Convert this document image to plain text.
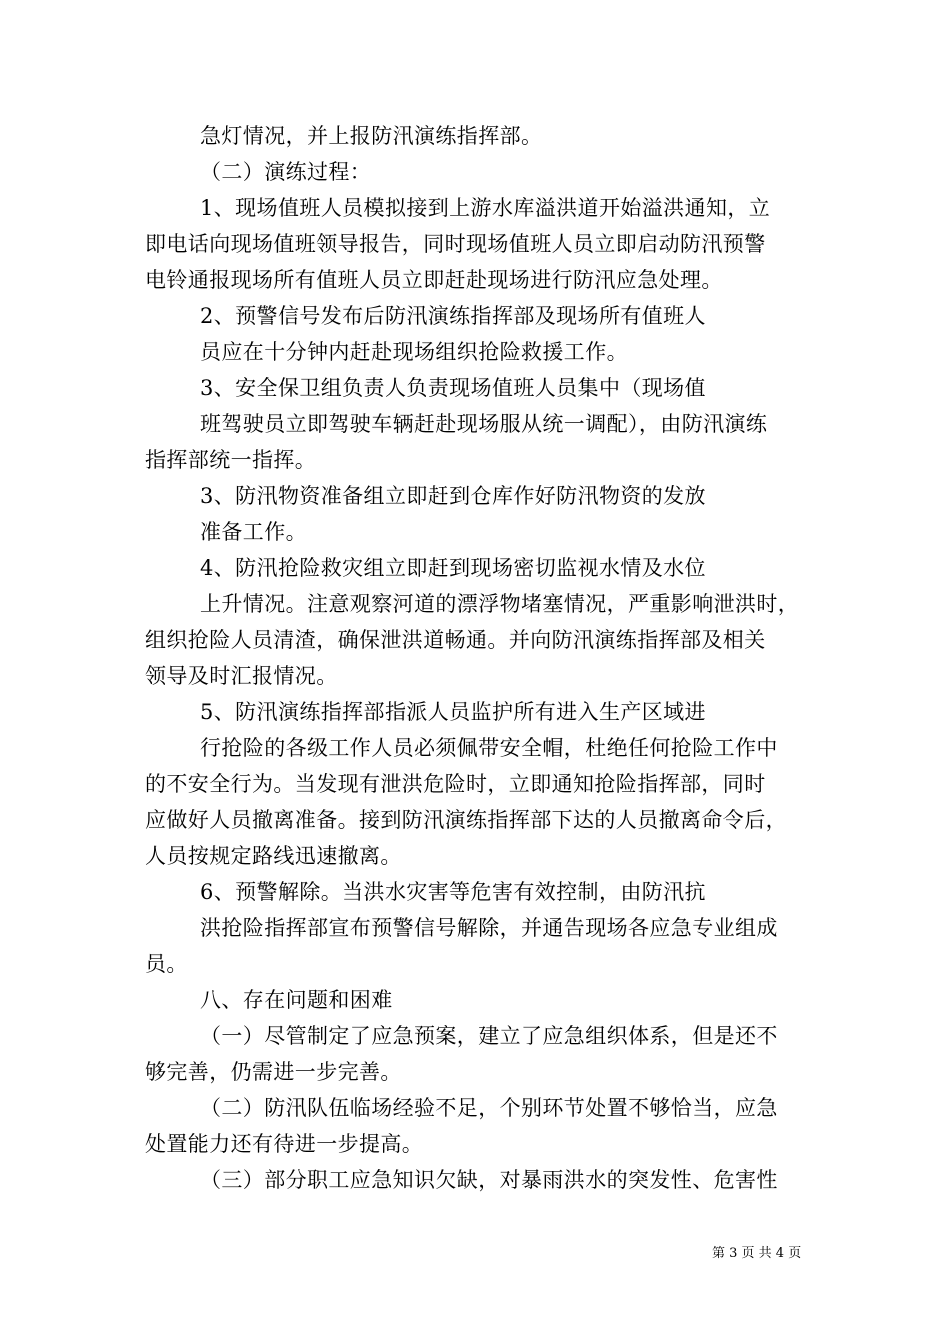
急灯情况，并上报防汛演练指挥部。
（二）演练过程：
1、现场值班人员模拟接到上游水库溢洪道开始溢洪通知，立
即电话向现场值班领导报告，同时现场值班人员立即启动防汛预警
电铃通报现场所有值班人员立即赶赴现场进行防汛应急处理。
2、预警信号发布后防汛演练指挥部及现场所有值班人
员应在十分钟内赶赴现场组织抢险救援工作。
3、安全保卫组负责人负责现场值班人员集中（现场值
班驾驶员立即驾驶车辆赶赴现场服从统一调配），由防汛演练
指挥部统一指挥。
3、防汛物资准备组立即赶到仓库作好防汛物资的发放
准备工作。
4、防汛抢险救灾组立即赶到现场密切监视水情及水位
上升情况。注意观察河道的漂浮物堵塞情况，严重影响泄洪时，
组织抢险人员清渣，确保泄洪道畅通。并向防汛演练指挥部及相关
领导及时汇报情况。
5、防汛演练指挥部指派人员监护所有进入生产区域进
行抢险的各级工作人员必须佩带安全帽，杜绝任何抢险工作中
的不安全行为。当发现有泄洪危险时，立即通知抢险指挥部，同时
应做好人员撤离准备。接到防汛演练指挥部下达的人员撤离命令后，
人员按规定路线迅速撤离。
6、预警解除。当洪水灾害等危害有效控制，由防汛抗
洪抢险指挥部宣布预警信号解除，并通告现场各应急专业组成
员。
八、存在问题和困难
（一）尽管制定了应急预案，建立了应急组织体系，但是还不
够完善，仍需进一步完善。
（二）防汛队伍临场经验不足，个别环节处置不够恰当，应急
处置能力还有待进一步提高。
（三）部分职工应急知识欠缺，对暴雨洪水的突发性、危害性
第 3 页 共 4 页
